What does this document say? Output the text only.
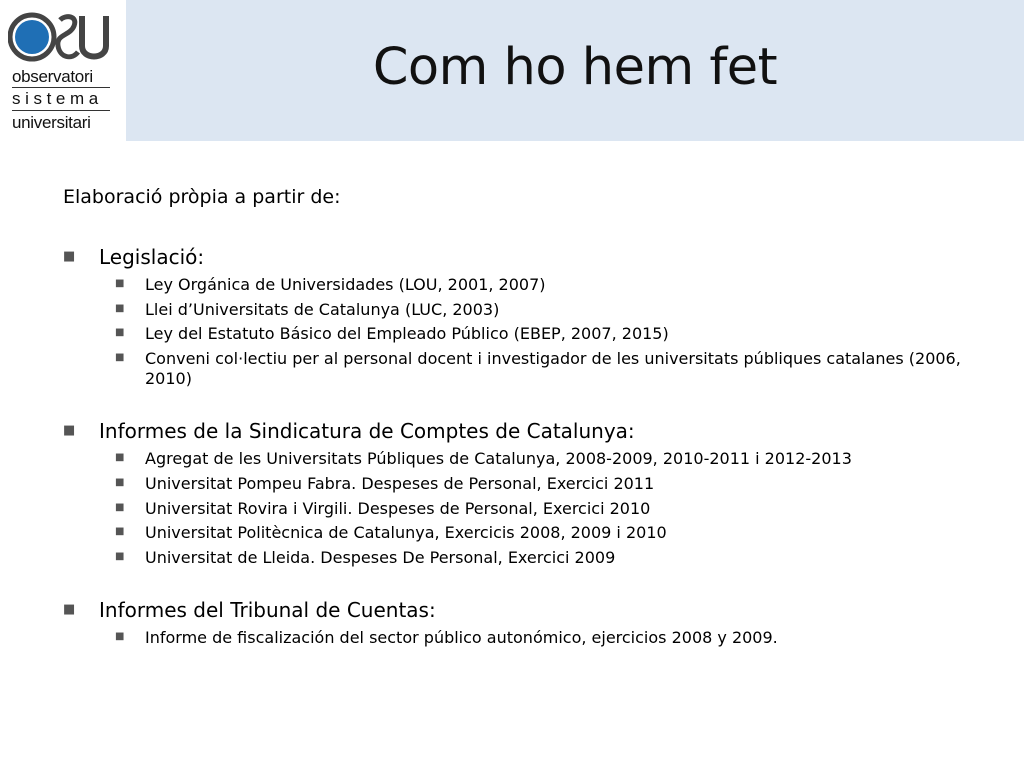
observatori
sistema
universitari
Com ho hem fet
Elaboració pròpia a partir de:
■ Legislació:
■ Ley Orgánica de Universidades (LOU, 2001, 2007)
■ Llei d’Universitats de Catalunya (LUC, 2003)
■ Ley del Estatuto Básico del Empleado Público (EBEP, 2007, 2015)
■ Conveni col·lectiu per al personal docent i investigador de les universitats públiques catalanes (2006, 2010)
■ Informes de la Sindicatura de Comptes de Catalunya:
■ Agregat de les Universitats Públiques de Catalunya, 2008-2009, 2010-2011 i 2012-2013
■ Universitat Pompeu Fabra. Despeses de Personal, Exercici 2011
■ Universitat Rovira i Virgili. Despeses de Personal, Exercici 2010
■ Universitat Politècnica de Catalunya, Exercicis 2008, 2009 i 2010
■ Universitat de Lleida. Despeses De Personal, Exercici 2009
■ Informes del Tribunal de Cuentas:
■ Informe de fiscalización del sector público autonómico, ejercicios 2008 y 2009.
